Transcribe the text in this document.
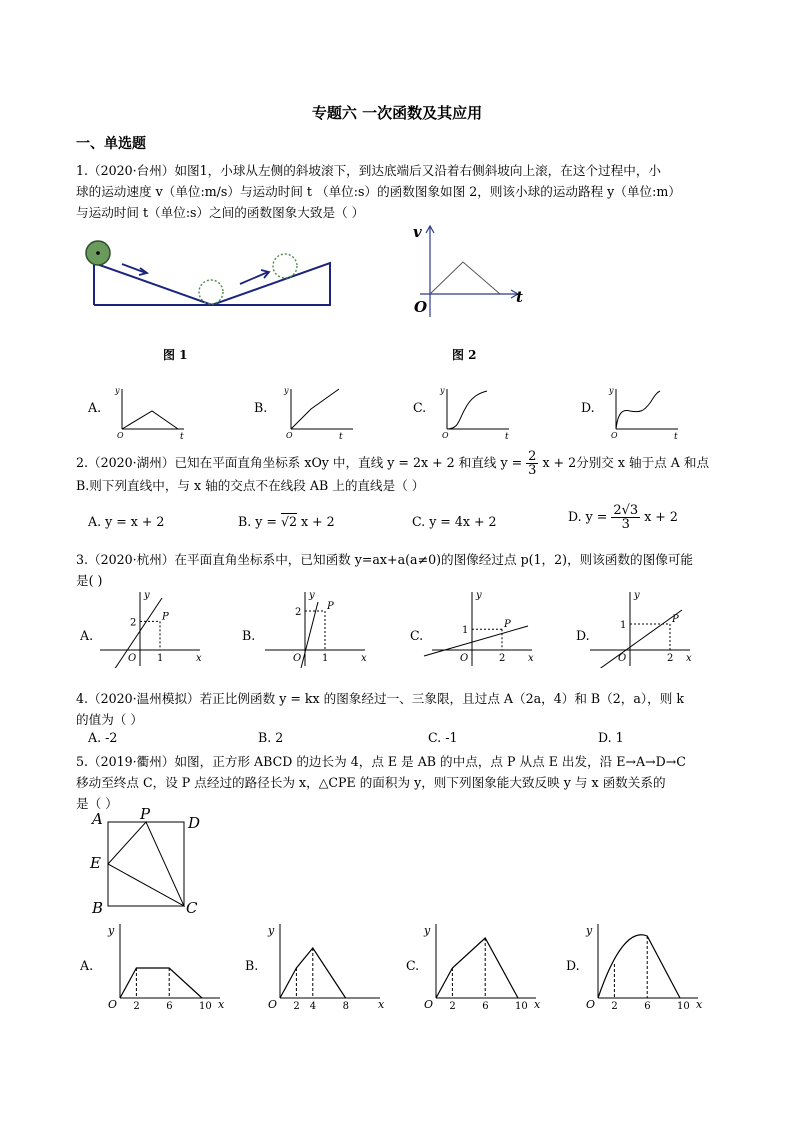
专题六 一次函数及其应用
一、单选题
1.（2020·台州）如图1，小球从左侧的斜坡滚下，到达底端后又沿着右侧斜坡向上滚，在这个过程中，小
球的运动速度 v（单位:m/s）与运动时间 t （单位:s）的函数图象如图 2，则该小球的运动路程 y（单位:m）
与运动时间 t（单位:s）之间的函数图象大致是（ ）
图 1
v
t
O
图 2
A.
y
t
O
B.
y
t
O
C.
y
t
O
D.
y
t
O
2.（2020·湖州）已知在平面直角坐标系 xOy 中，直线 y = 2x + 2 和直线 $y = \frac{2}{3}$ x + 2分别交 x 轴于点 A 和点
B.则下列直线中，与 x 轴的交点不在线段 AB 上的直线是（ ）
A. y = x + 2	B. y = √2 x + 2	C. y = 4x + 2	D. $y = \frac{2√3}{3}$ x + 2
3.（2020·杭州）在平面直角坐标系中，已知函数 y=ax+a(a≠0)的图像经过点 p(1，2)，则该函数的图像可能
是( )
A.
P
O	x
y
1
2
B.
P
O	x
y
1
2
C.
P
O	x
y
2
1	D.
P
O	x
y
2
1
4.（2020·温州模拟）若正比例函数 y = kx 的图象经过一、三象限，且过点 A（2a，4）和 B（2，a），则 k
的值为（ ）
A. -2	B. 2	C. -1	D. 1
5.（2019·衢州）如图，正方形 ABCD 的边长为 4，点 E 是 AB 的中点，点 P 从点 E 出发，沿 E→A→D→C
移动至终点 C，设 P 点经过的路径长为 x，△CPE 的面积为 y，则下列图象能大致反映 y 与 x 函数关系的
是（ ）
A P	D
E
B	C
A.
y
x
O 2	6	10
B.
y
x
O 2 4	8
C.
y
x
O 2	6	10
D.
y
x
O 2	6	10
